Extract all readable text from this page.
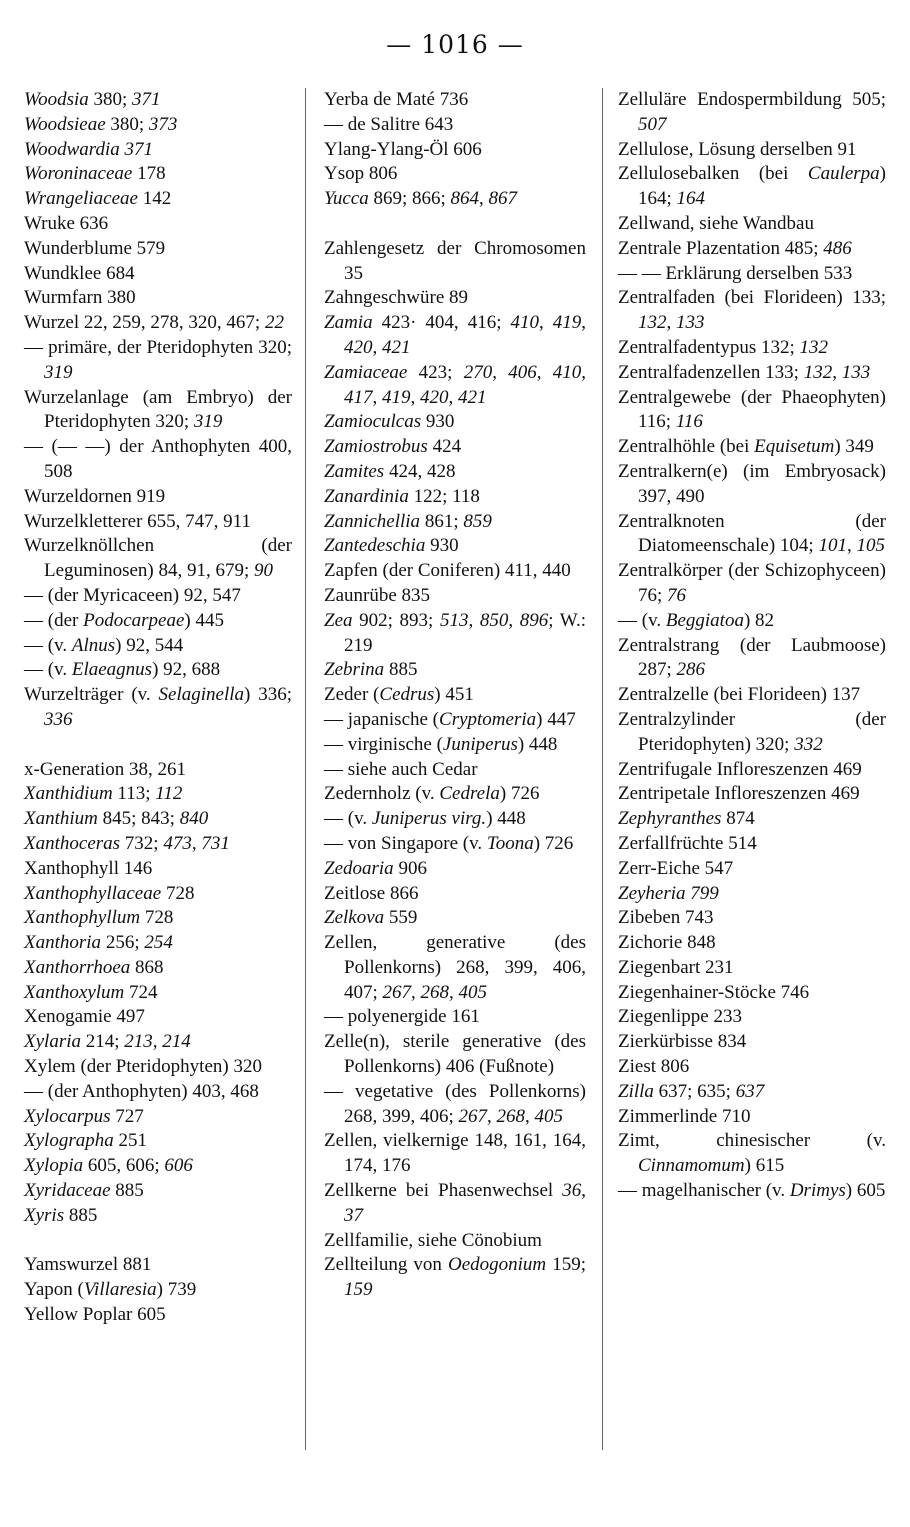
— 1016 —
Woodsia 380; 371
Woodsieae 380; 373
Woodwardia 371
Woroninaceae 178
Wrangeliaceae 142
Wruke 636
Wunderblume 579
Wundklee 684
Wurmfarn 380
Wurzel 22, 259, 278, 320, 467; 22
— primäre, der Pteridophyten 320; 319
Wurzelanlage (am Embryo) der Pteridophyten 320; 319
— (— —) der Anthophyten 400, 508
Wurzeldornen 919
Wurzelkletterer 655, 747, 911
Wurzelknöllchen (der Leguminosen) 84, 91, 679; 90
— (der Myricaceen) 92, 547
— (der Podocarpeae) 445
— (v. Alnus) 92, 544
— (v. Elaeagnus) 92, 688
Wurzelträger (v. Selaginella) 336; 336
x-Generation 38, 261
Xanthidium 113; 112
Xanthium 845; 843; 840
Xanthoceras 732; 473, 731
Xanthophyll 146
Xanthophyllaceae 728
Xanthophyllum 728
Xanthoria 256; 254
Xanthorrhoea 868
Xanthoxylum 724
Xenogamie 497
Xylaria 214; 213, 214
Xylem (der Pteridophyten) 320
— (der Anthophyten) 403, 468
Xylocarpus 727
Xylographa 251
Xylopia 605, 606; 606
Xyridaceae 885
Xyris 885
Yamswurzel 881
Yapon (Villaresia) 739
Yellow Poplar 605
Yerba de Maté 736
— de Salitre 643
Ylang-Ylang-Öl 606
Ysop 806
Yucca 869; 866; 864, 867
Zahlengesetz der Chromosomen 35
Zahngeschwüre 89
Zamia 423· 404, 416; 410, 419, 420, 421
Zamiaceae 423; 270, 406, 410, 417, 419, 420, 421
Zamioculcas 930
Zamiostrobus 424
Zamites 424, 428
Zanardinia 122; 118
Zannichellia 861; 859
Zantedeschia 930
Zapfen (der Coniferen) 411, 440
Zaunrübe 835
Zea 902; 893; 513, 850, 896; W.: 219
Zebrina 885
Zeder (Cedrus) 451
— japanische (Cryptomeria) 447
— virginische (Juniperus) 448
— siehe auch Cedar
Zedernholz (v. Cedrela) 726
— (v. Juniperus virg.) 448
— von Singapore (v. Toona) 726
Zedoaria 906
Zeitlose 866
Zelkova 559
Zellen, generative (des Pollenkorns) 268, 399, 406, 407; 267, 268, 405
— polyenergide 161
Zelle(n), sterile generative (des Pollenkorns) 406 (Fußnote)
— vegetative (des Pollenkorns) 268, 399, 406; 267, 268, 405
Zellen, vielkernige 148, 161, 164, 174, 176
Zellkerne bei Phasenwechsel 36, 37
Zellfamilie, siehe Cönobium
Zellteilung von Oedogonium 159; 159
Zelluläre Endospermbildung 505; 507
Zellulose, Lösung derselben 91
Zellulosebalken (bei Caulerpa) 164; 164
Zellwand, siehe Wandbau
Zentrale Plazentation 485; 486
— — Erklärung derselben 533
Zentralfaden (bei Florideen) 133; 132, 133
Zentralfadentypus 132; 132
Zentralfadenzellen 133; 132, 133
Zentralgewebe (der Phaeophyten) 116; 116
Zentralhöhle (bei Equisetum) 349
Zentralkern(e) (im Embryosack) 397, 490
Zentralknoten (der Diatomeenschale) 104; 101, 105
Zentralkörper (der Schizophyceen) 76; 76
— (v. Beggiatoa) 82
Zentralstrang (der Laubmoose) 287; 286
Zentralzelle (bei Florideen) 137
Zentralzylinder (der Pteridophyten) 320; 332
Zentrifugale Infloreszenzen 469
Zentripetale Infloreszenzen 469
Zephyranthes 874
Zerfallfrüchte 514
Zerr-Eiche 547
Zeyheria 799
Zibeben 743
Zichorie 848
Ziegenbart 231
Ziegenhainer-Stöcke 746
Ziegenlippe 233
Zierkürbisse 834
Ziest 806
Zilla 637; 635; 637
Zimmerlinde 710
Zimt, chinesischer (v. Cinnamomum) 615
— magelhanischer (v. Drimys) 605
